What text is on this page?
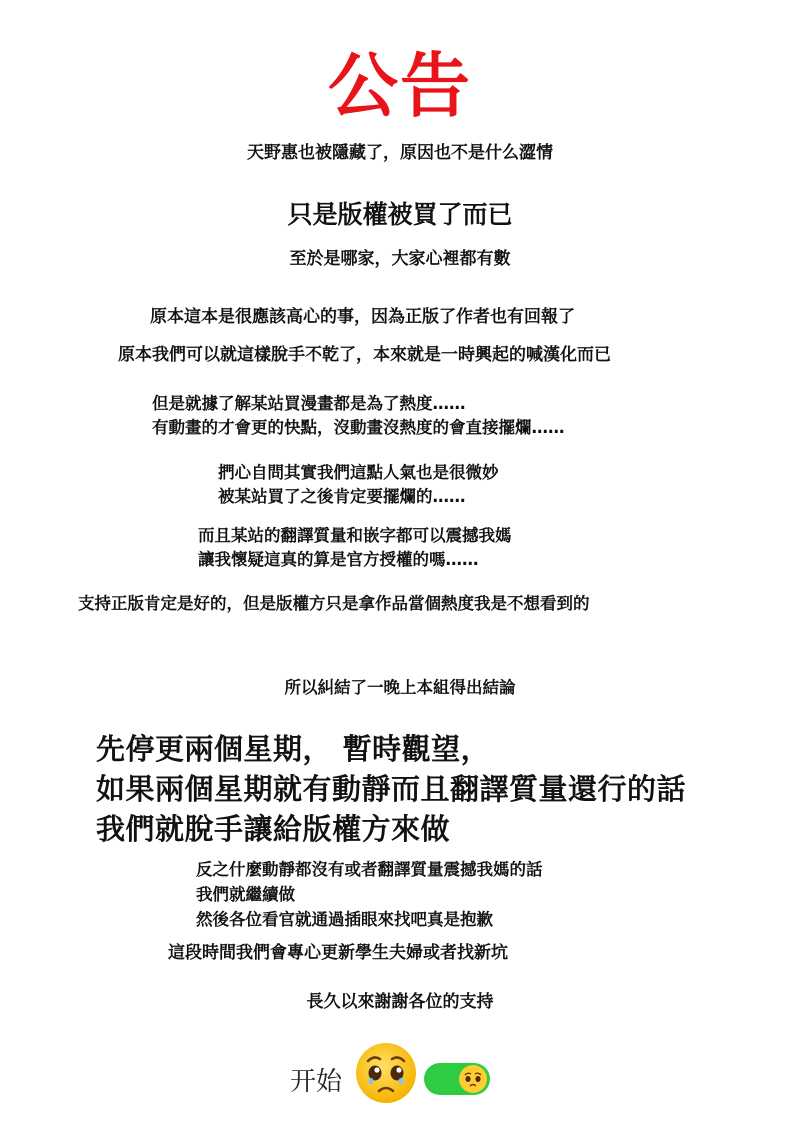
公告
天野惠也被隱藏了，原因也不是什么澀情
只是版權被買了而已
至於是哪家，大家心裡都有數
原本這本是很應該高心的事，因為正版了作者也有回報了
原本我們可以就這樣脫手不乾了，本來就是一時興起的喊漢化而已
但是就據了解某站買漫畫都是為了熱度……
有動畫的才會更的快點，沒動畫沒熱度的會直接擺爛……
捫心自問其實我們這點人氣也是很微妙
被某站買了之後肯定要擺爛的……
而且某站的翻譯質量和嵌字都可以震撼我媽
讓我懷疑這真的算是官方授權的嗎……
支持正版肯定是好的，但是版權方只是拿作品當個熱度我是不想看到的
所以糾結了一晚上本組得出結論
先停更兩個星期， 暫時觀望，
如果兩個星期就有動靜而且翻譯質量還行的話
我們就脫手讓給版權方來做
反之什麼動靜都沒有或者翻譯質量震撼我媽的話
我們就繼續做
然後各位看官就通過插眼來找吧真是抱歉
這段時間我們會專心更新學生夫婦或者找新坑
長久以來謝謝各位的支持
开始
